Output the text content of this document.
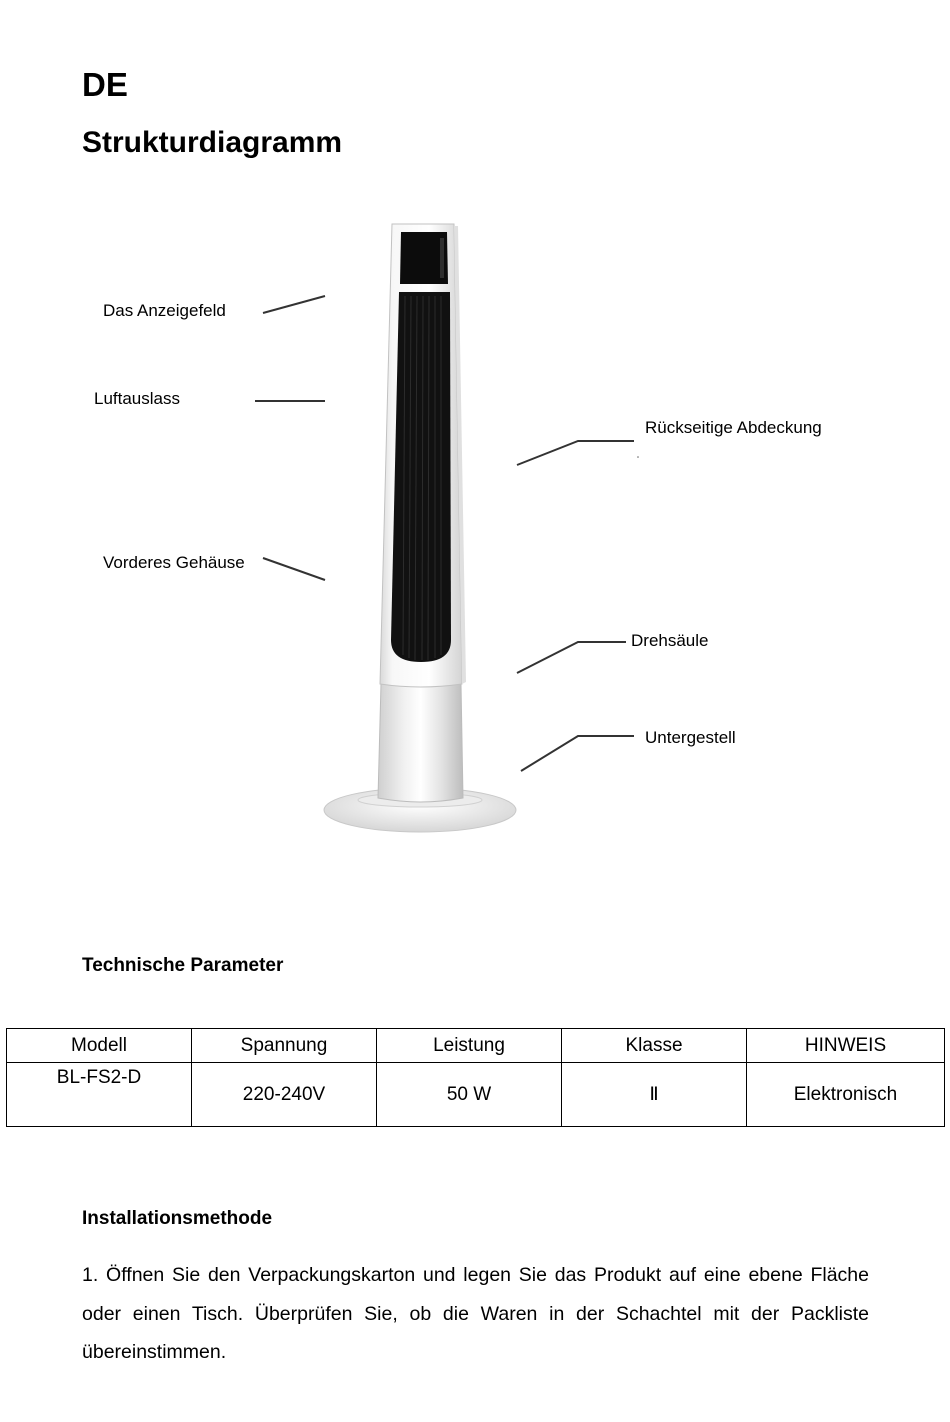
DE
Strukturdiagramm
Das Anzeigefeld
Luftauslass
Vorderes Gehäuse
Rückseitige Abdeckung
Drehsäule
Untergestell
Technische Parameter
Modell	Spannung	Leistung	Klasse	HINWEIS
BL-FS2-D	220-240V	50 W	Ⅱ	Elektronisch
Installationsmethode
1. Öffnen Sie den Verpackungskarton und legen Sie das Produkt auf eine ebene Fläche oder einen Tisch. Überprüfen Sie, ob die Waren in der Schachtel mit der Packliste übereinstimmen.
